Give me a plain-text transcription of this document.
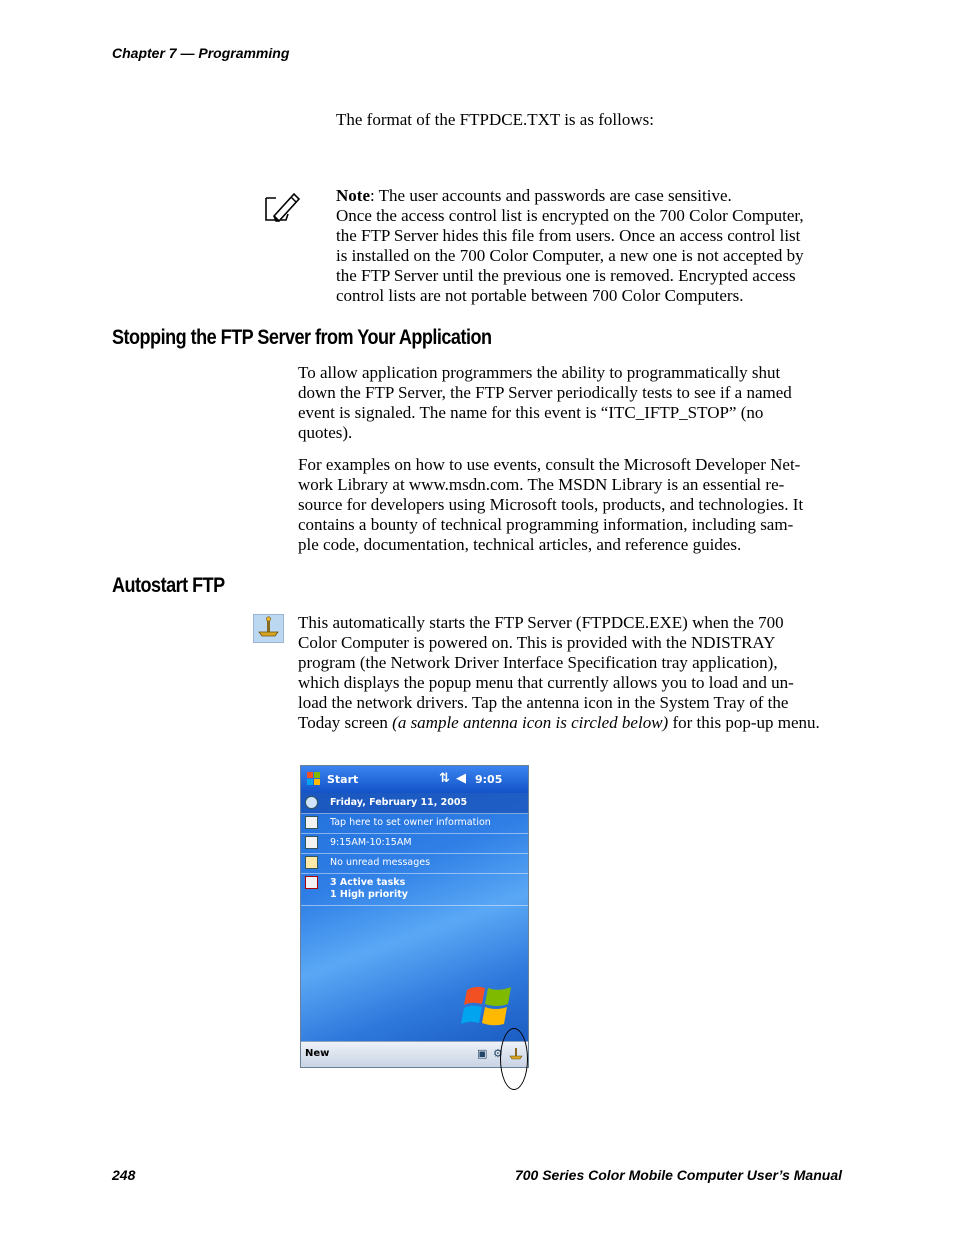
Chapter 7 — Programming

The format of the FTPDCE.TXT is as follows:

Note: The user accounts and passwords are case sensitive.

Once the access control list is encrypted on the 700 Color Computer,

the FTP Server hides this file from users. Once an access control list

is installed on the 700 Color Computer, a new one is not accepted by

the FTP Server until the previous one is removed. Encrypted access

control lists are not portable between 700 Color Computers.

Stopping the FTP Server from Your Application

To allow application programmers the ability to programmatically shut

down the FTP Server, the FTP Server periodically tests to see if a named

event is signaled. The name for this event is “ITC_IFTP_STOP” (no

quotes).

For examples on how to use events, consult the Microsoft Developer Net-

work Library at www.msdn.com. The MSDN Library is an essential re-

source for developers using Microsoft tools, products, and technologies. It

contains a bounty of technical programming information, including sam-

ple code, documentation, technical articles, and reference guides.

Autostart FTP

This automatically starts the FTP Server (FTPDCE.EXE) when the 700

Color Computer is powered on. This is provided with the NDISTRAY

program (the Network Driver Interface Specification tray application),

which displays the popup menu that currently allows you to load and un-

load the network drivers. Tap the antenna icon in the System Tray of the

Today screen (a sample antenna icon is circled below) for this pop-up menu.

Start	⇅ ◀ 9:05
Friday, February 11, 2005
Tap here to set owner information
9:15AM-10:15AM
No unread messages
3 Active tasks
1 High priority
New	▣ ⚙
248	700 Series Color Mobile Computer User’s Manual
